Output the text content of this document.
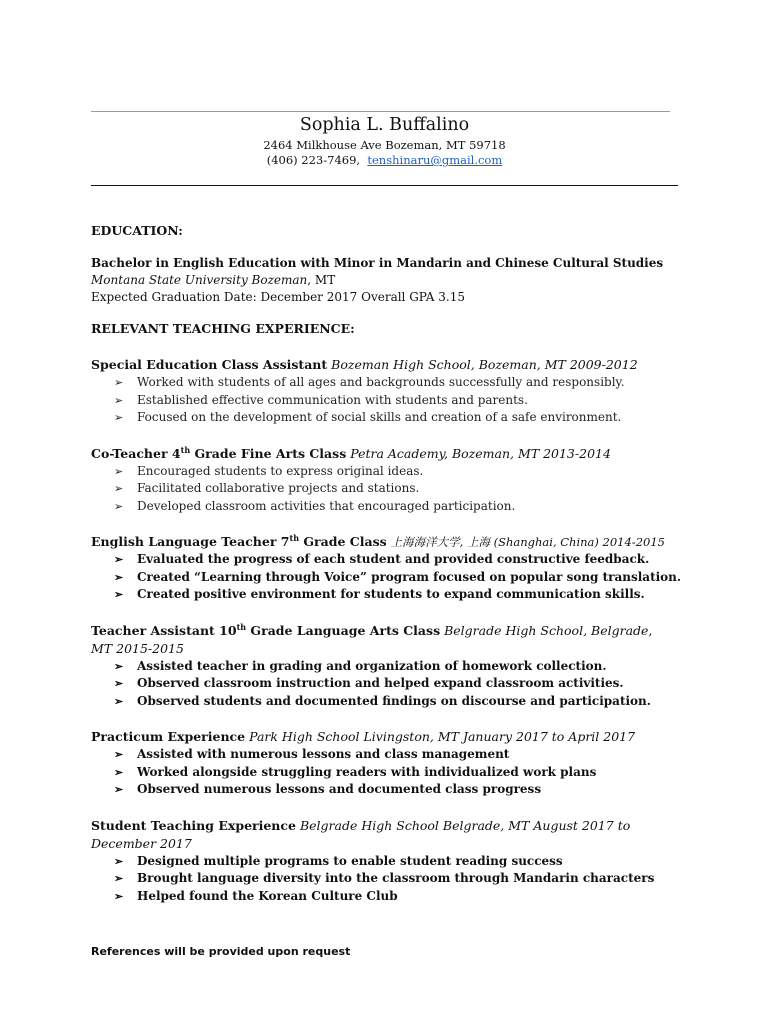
Sophia L. Buffalino
2464 Milkhouse Ave Bozeman, MT 59718
(406) 223-7469, tenshinaru@gmail.com
EDUCATION:
Bachelor in English Education with Minor in Mandarin and Chinese Cultural Studies
Montana State University Bozeman, MT
Expected Graduation Date: December 2017 Overall GPA 3.15
RELEVANT TEACHING EXPERIENCE:
Special Education Class Assistant Bozeman High School, Bozeman, MT 2009-2012
➢ Worked with students of all ages and backgrounds successfully and responsibly.
➢ Established effective communication with students and parents.
➢ Focused on the development of social skills and creation of a safe environment.
Co-Teacher 4th Grade Fine Arts Class Petra Academy, Bozeman, MT 2013-2014
➢ Encouraged students to express original ideas.
➢ Facilitated collaborative projects and stations.
➢ Developed classroom activities that encouraged participation.
English Language Teacher 7th Grade Class 上海海洋大学, 上海 (Shanghai, China) 2014-2015
➢ Evaluated the progress of each student and provided constructive feedback.
➢ Created “Learning through Voice” program focused on popular song translation.
➢ Created positive environment for students to expand communication skills.
Teacher Assistant 10th Grade Language Arts Class Belgrade High School, Belgrade, MT 2015-2015
➢ Assisted teacher in grading and organization of homework collection.
➢ Observed classroom instruction and helped expand classroom activities.
➢ Observed students and documented findings on discourse and participation.
Practicum Experience Park High School Livingston, MT January 2017 to April 2017
➢ Assisted with numerous lessons and class management
➢ Worked alongside struggling readers with individualized work plans
➢ Observed numerous lessons and documented class progress
Student Teaching Experience Belgrade High School Belgrade, MT August 2017 to December 2017
➢ Designed multiple programs to enable student reading success
➢ Brought language diversity into the classroom through Mandarin characters
➢ Helped found the Korean Culture Club
References will be provided upon request
